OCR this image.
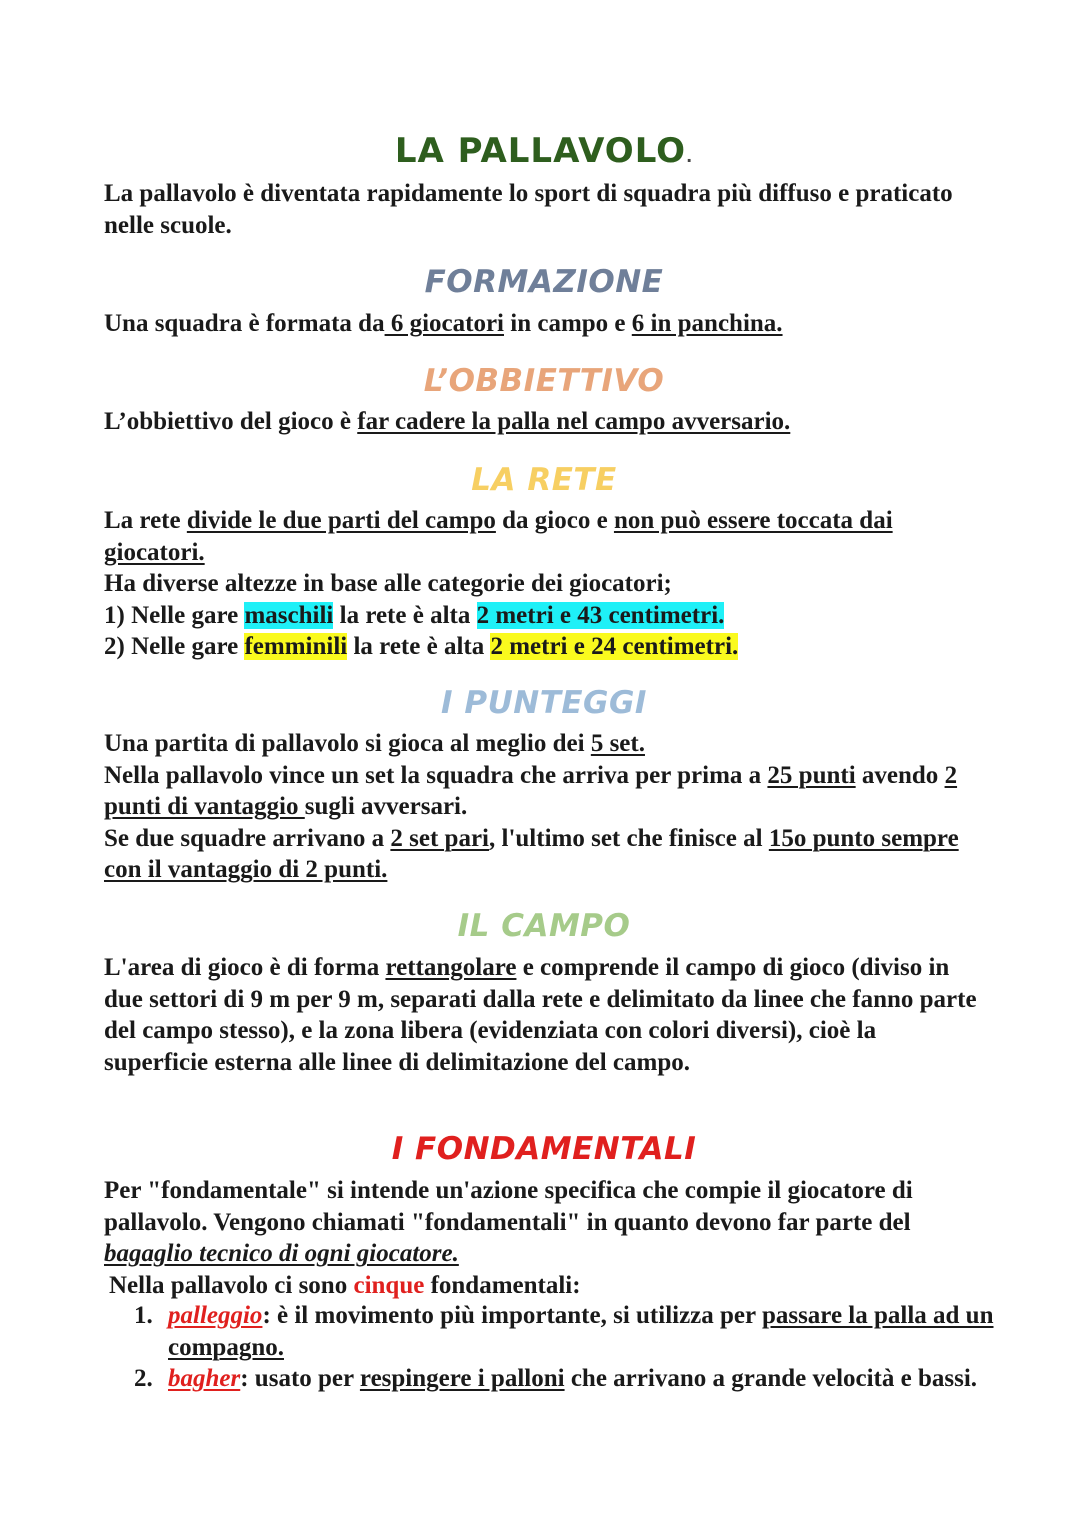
LA PALLAVOLO.

La pallavolo è diventata rapidamente lo sport di squadra più diffuso e praticato nelle scuole.

FORMAZIONE

Una squadra è formata da 6 giocatori in campo e 6 in panchina.

L’OBBIETTIVO

L’obbiettivo del gioco è far cadere la palla nel campo avversario.

LA RETE
La rete divide le due parti del campo da gioco e non può essere toccata dai giocatori.
Ha diverse altezze in base alle categorie dei giocatori;
1) Nelle gare maschili la rete è alta 2 metri e 43 centimetri.
2) Nelle gare femminili la rete è alta 2 metri e 24 centimetri.
I PUNTEGGI
Una partita di pallavolo si gioca al meglio dei 5 set.
Nella pallavolo vince un set la squadra che arriva per prima a 25 punti avendo 2 punti di vantaggio sugli avversari.
Se due squadre arrivano a 2 set pari, l'ultimo set che finisce al 15o punto sempre con il vantaggio di 2 punti.
IL CAMPO

L'area di gioco è di forma rettangolare e comprende il campo di gioco (diviso in due settori di 9 m per 9 m, separati dalla rete e delimitato da linee che fanno parte del campo stesso), e la zona libera (evidenziata con colori diversi), cioè la superficie esterna alle linee di delimitazione del campo.

I FONDAMENTALI
Per "fondamentale" si intende un'azione specifica che compie il giocatore di pallavolo. Vengono chiamati "fondamentali" in quanto devono far parte del bagaglio tecnico di ogni giocatore.
Nella pallavolo ci sono cinque fondamentali:
1. palleggio: è il movimento più importante, si utilizza per passare la palla ad un compagno.
2. bagher: usato per respingere i palloni che arrivano a grande velocità e bassi.
